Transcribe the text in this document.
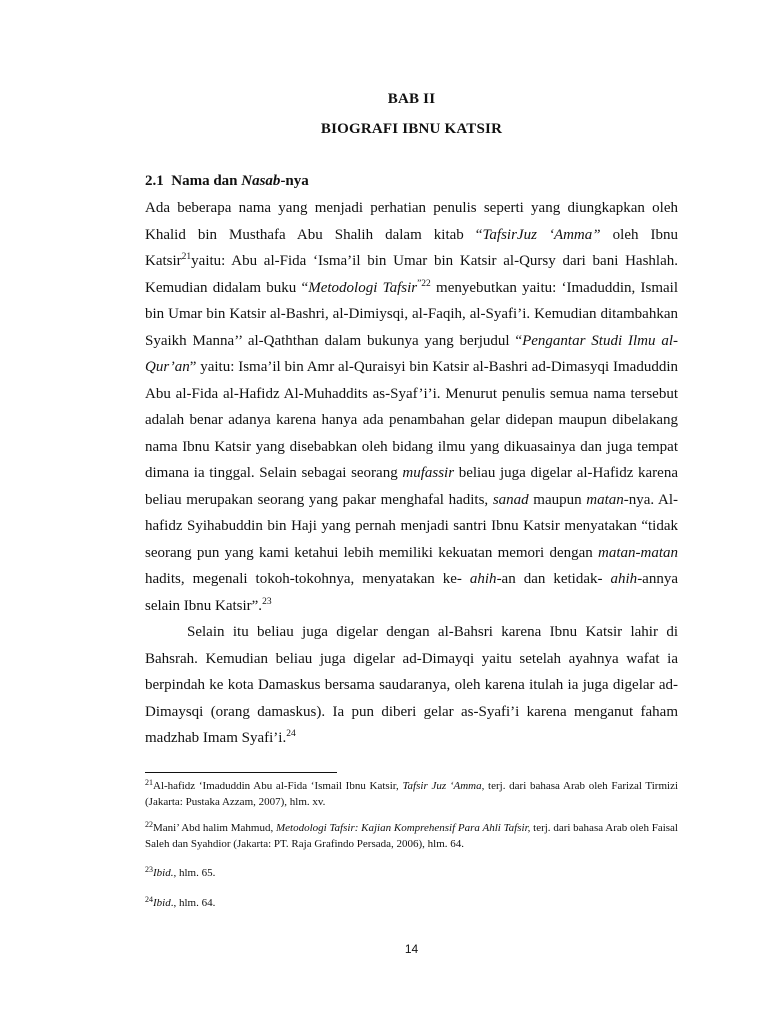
BAB II
BIOGRAFI IBNU KATSIR
2.1 Nama dan Nasab-nya

Ada beberapa nama yang menjadi perhatian penulis seperti yang diungkapkan oleh Khalid bin Musthafa Abu Shalih dalam kitab “TafsirJuz ‘Amma” oleh Ibnu Katsir$^{21}$yaitu: Abu al-Fida ‘Isma’il bin Umar bin Katsir al-Qursy dari bani Hashlah. Kemudian didalam buku “Metodologi Tafsir$^{”22}$ menyebutkan yaitu: ‘Imaduddin, Ismail bin Umar bin Katsir al-Bashri, al-Dimiysqi, al-Faqih, al-Syafi’i. Kemudian ditambahkan Syaikh Manna’’ al-Qaththan dalam bukunya yang berjudul “Pengantar Studi Ilmu al-Qur’an” yaitu: Isma’il bin Amr al-Quraisyi bin Katsir al-Bashri ad-Dimasyqi Imaduddin Abu al-Fida al-Hafidz Al-Muhaddits as-Syaf’i’i. Menurut penulis semua nama tersebut adalah benar adanya karena hanya ada penambahan gelar didepan maupun dibelakang nama Ibnu Katsir yang disebabkan oleh bidang ilmu yang dikuasainya dan juga tempat dimana ia tinggal. Selain sebagai seorang mufassir beliau juga digelar al-Hafidz karena beliau merupakan seorang yang pakar menghafal hadits, sanad maupun matan-nya. Al-hafidz Syihabuddin bin Haji yang pernah menjadi santri Ibnu Katsir menyatakan “tidak seorang pun yang kami ketahui lebih memiliki kekuatan memori dengan matan-matan hadits, megenali tokoh-tokohnya, menyatakan ke- ahih-an dan ketidak- ahih-annya selain Ibnu Katsir”.$^{23}$

Selain itu beliau juga digelar dengan al-Bahsri karena Ibnu Katsir lahir di Bahsrah. Kemudian beliau juga digelar ad-Dimayqi yaitu setelah ayahnya wafat ia berpindah ke kota Damaskus bersama saudaranya, oleh karena itulah ia juga digelar ad-Dimaysqi (orang damaskus). Ia pun diberi gelar as-Syafi’i karena menganut faham madzhab Imam Syafi’i.$^{24}$

$^{21}$Al-hafidz ‘Imaduddin Abu al-Fida ‘Ismail Ibnu Katsir, Tafsir Juz ‘Amma, terj. dari bahasa Arab oleh Farizal Tirmizi (Jakarta: Pustaka Azzam, 2007), hlm. xv.
$^{22}$Mani’ Abd halim Mahmud, Metodologi Tafsir: Kajian Komprehensif Para Ahli Tafsir, terj. dari bahasa Arab oleh Faisal Saleh dan Syahdior (Jakarta: PT. Raja Grafindo Persada, 2006), hlm. 64.
$^{23}$Ibid., hlm. 65.
$^{24}$Ibid., hlm. 64.
14
